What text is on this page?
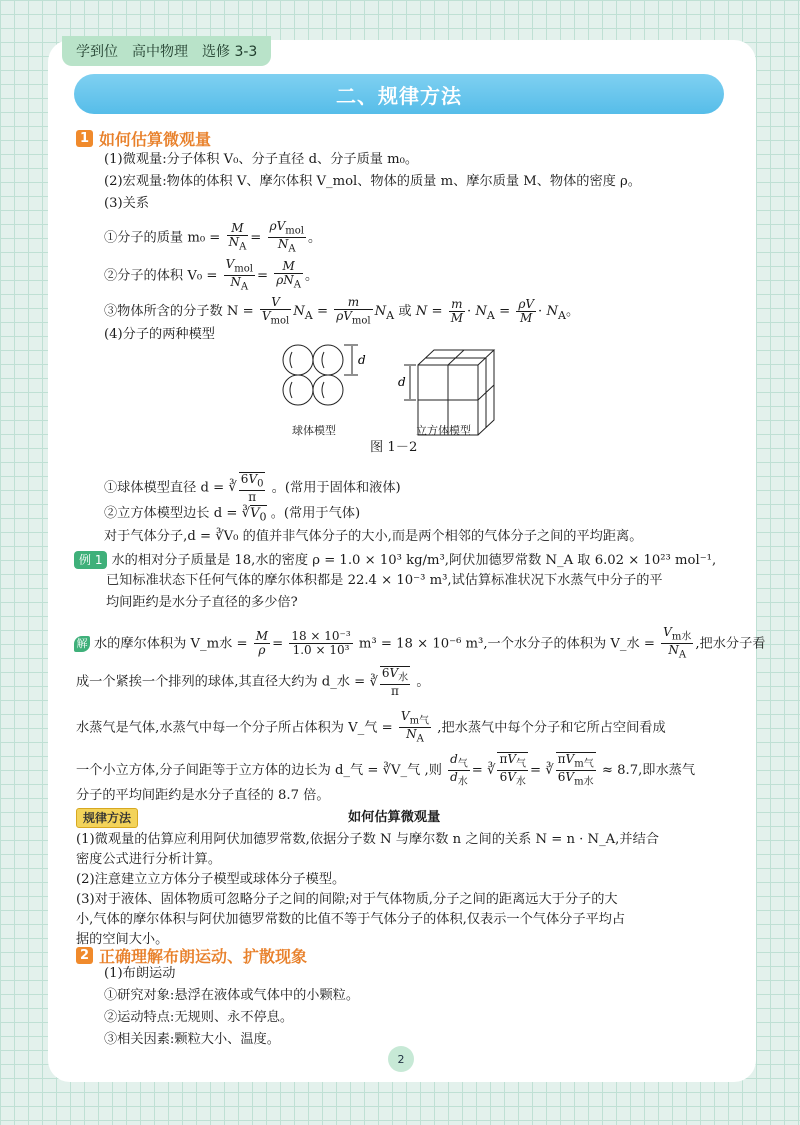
学到位 高中物理 选修 3-3
二、规律方法
1 如何估算微观量
(1)微观量:分子体积 V₀、分子直径 d、分子质量 m₀。
(2)宏观量:物体的体积 V、摩尔体积 V_mol、物体的质量 m、摩尔质量 M、物体的密度 ρ。
(3)关系
①分子的质量 $m_0 = \frac{M}{N_A} = \frac{\rho V_{mol}}{N_A}$ 。
②分子的体积 $V_0 = \frac{V_{mol}}{N_A} = \frac{M}{\rho N_A}$ 。
③物体所含的分子数 $N = \frac{V}{V_{mol}} N_A = \frac{m}{\rho V_{mol}} N_A$ 或 $N = \frac{m}{M} \cdot N_A = \frac{\rho V}{M} \cdot N_A$。
(4)分子的两种模型
d
d
球体模型	立方体模型
图 1－2
①球体模型直径 d = ∛ $\frac{6V_0}{\pi}$ 。(常用于固体和液体)
②立方体模型边长 $d = ∛V_0$ 。(常用于气体)
对于气体分子,d = ∛V₀ 的值并非气体分子的大小,而是两个相邻的气体分子之间的平均距离。
例 1 水的相对分子质量是 18,水的密度 ρ = 1.0 × 10³ kg/m³,阿伏加德罗常数 N_A 取 6.02 × 10²³ mol⁻¹,
已知标准状态下任何气体的摩尔体积都是 22.4 × 10⁻³ m³,试估算标准状况下水蒸气中分子的平
均间距约是水分子直径的多少倍?
解 水的摩尔体积为 V_m水 = $\frac{M}{\rho} = \frac{\text{18 × 10⁻³}}{\text{1.0 × 10³}} m^3 = 18 \times 10^{-6}$ m³,一个水分子的体积为 V_水 = $\frac{V_{m水}}{N_A}$ ,把水分子看
成一个紧挨一个排列的球体,其直径大约为 d_水 = ∛ $\frac{6V_水}{\pi}$ 。
水蒸气是气体,水蒸气中每一个分子所占体积为 V_气 = $\frac{V_{m气}}{N_A}$ ,把水蒸气中每个分子和它所占空间看成
一个小立方体,分子间距等于立方体的边长为 d_气 = ∛V_气 ,则 $\frac{d_气}{d_水}$ = ∛ $\frac{\pi V_气}{6V_水}$ = ∛ $\frac{\pi V_{m气}}{6V_{m水}} \approx 8.7$,即水蒸气
分子的平均间距约是水分子直径的 8.7 倍。
规律方法	如何估算微观量
(1)微观量的估算应利用阿伏加德罗常数,依据分子数 N 与摩尔数 n 之间的关系 N = n · N_A,并结合
密度公式进行分析计算。
(2)注意建立立方体分子模型或球体分子模型。
(3)对于液体、固体物质可忽略分子之间的间隙;对于气体物质,分子之间的距离远大于分子的大
小,气体的摩尔体积与阿伏加德罗常数的比值不等于气体分子的体积,仅表示一个气体分子平均占
据的空间大小。
2 正确理解布朗运动、扩散现象
(1)布朗运动
①研究对象:悬浮在液体或气体中的小颗粒。
②运动特点:无规则、永不停息。
③相关因素:颗粒大小、温度。
2
